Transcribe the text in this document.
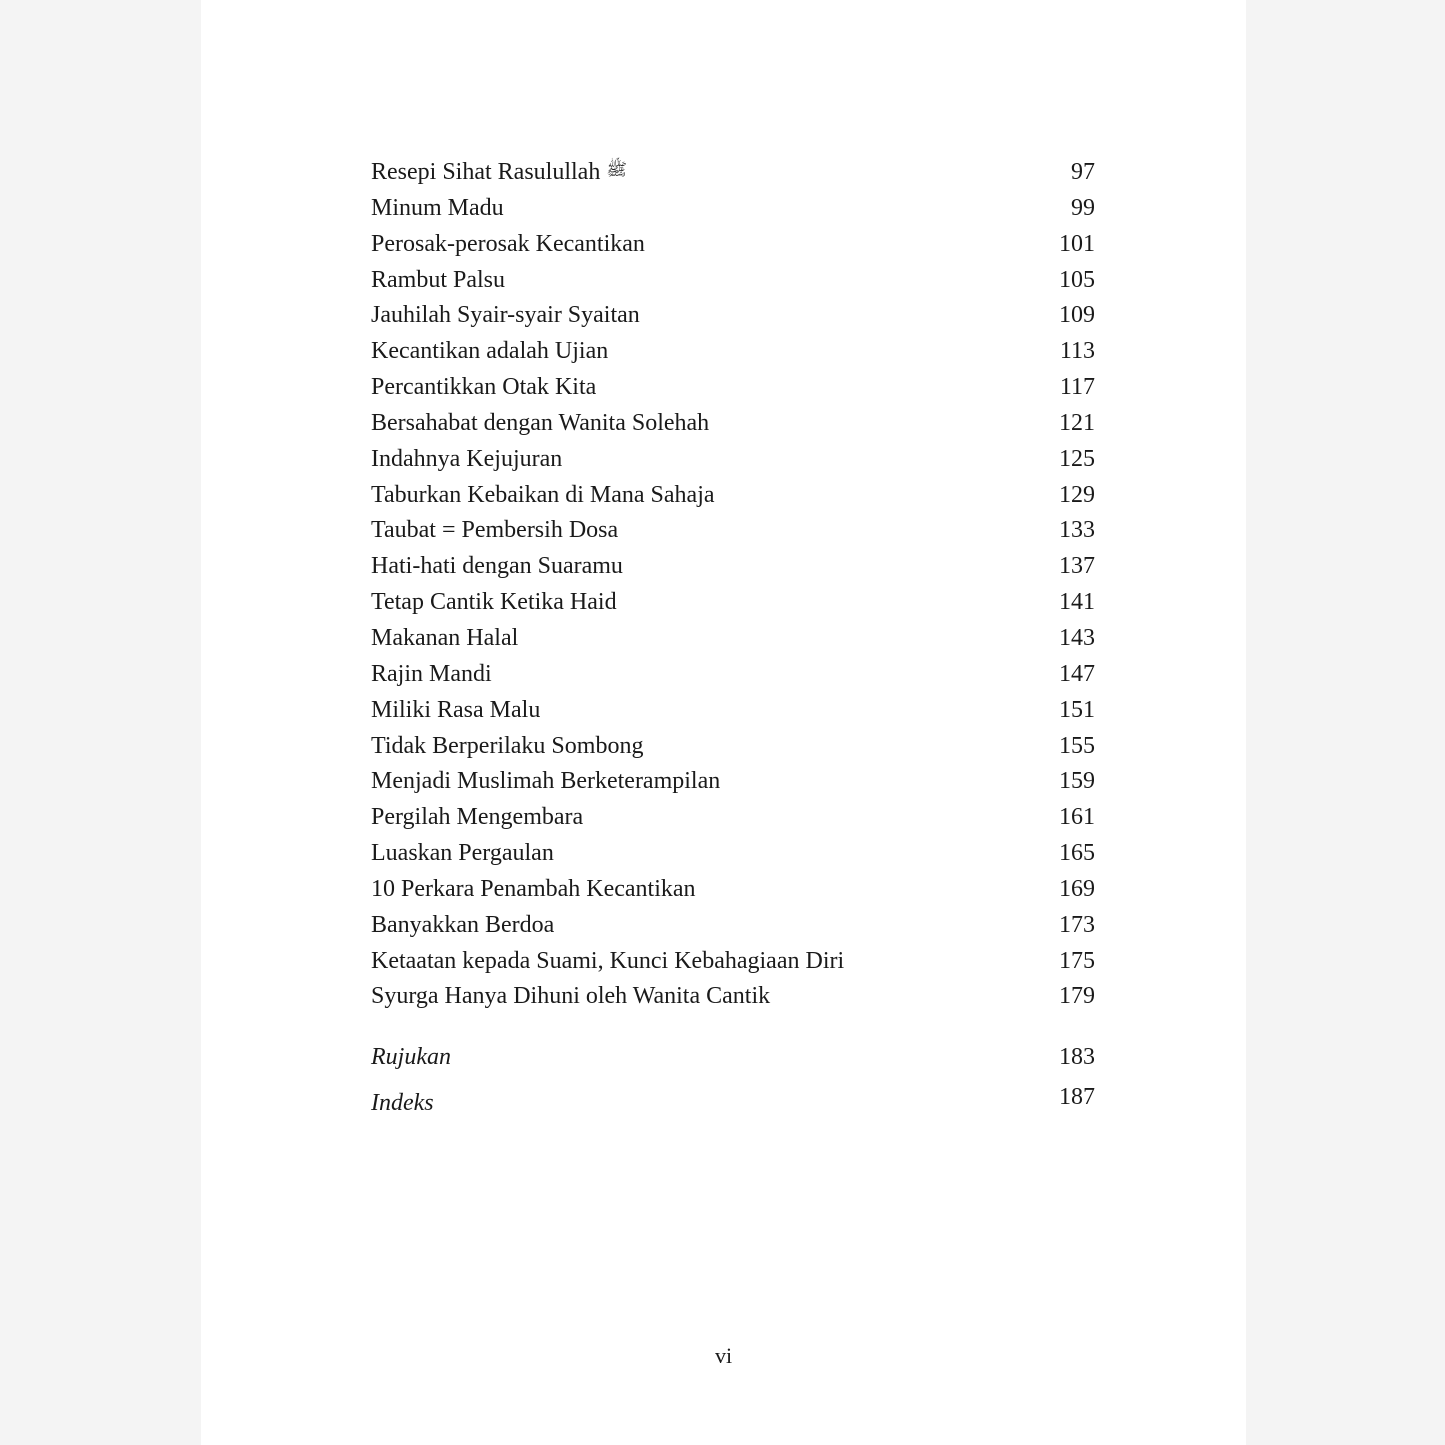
Resepi Sihat Rasulullah ﷺ	97
Minum Madu	99
Perosak-perosak Kecantikan	101
Rambut Palsu	105
Jauhilah Syair-syair Syaitan	109
Kecantikan adalah Ujian	113
Percantikkan Otak Kita	117
Bersahabat dengan Wanita Solehah	121
Indahnya Kejujuran	125
Taburkan Kebaikan di Mana Sahaja	129
Taubat = Pembersih Dosa	133
Hati-hati dengan Suaramu	137
Tetap Cantik Ketika Haid	141
Makanan Halal	143
Rajin Mandi	147
Miliki Rasa Malu	151
Tidak Berperilaku Sombong	155
Menjadi Muslimah Berketerampilan	159
Pergilah Mengembara	161
Luaskan Pergaulan	165
10 Perkara Penambah Kecantikan	169
Banyakkan Berdoa	173
Ketaatan kepada Suami, Kunci Kebahagiaan Diri	175
Syurga Hanya Dihuni oleh Wanita Cantik	179
Rujukan	183
Indeks	187
vi
